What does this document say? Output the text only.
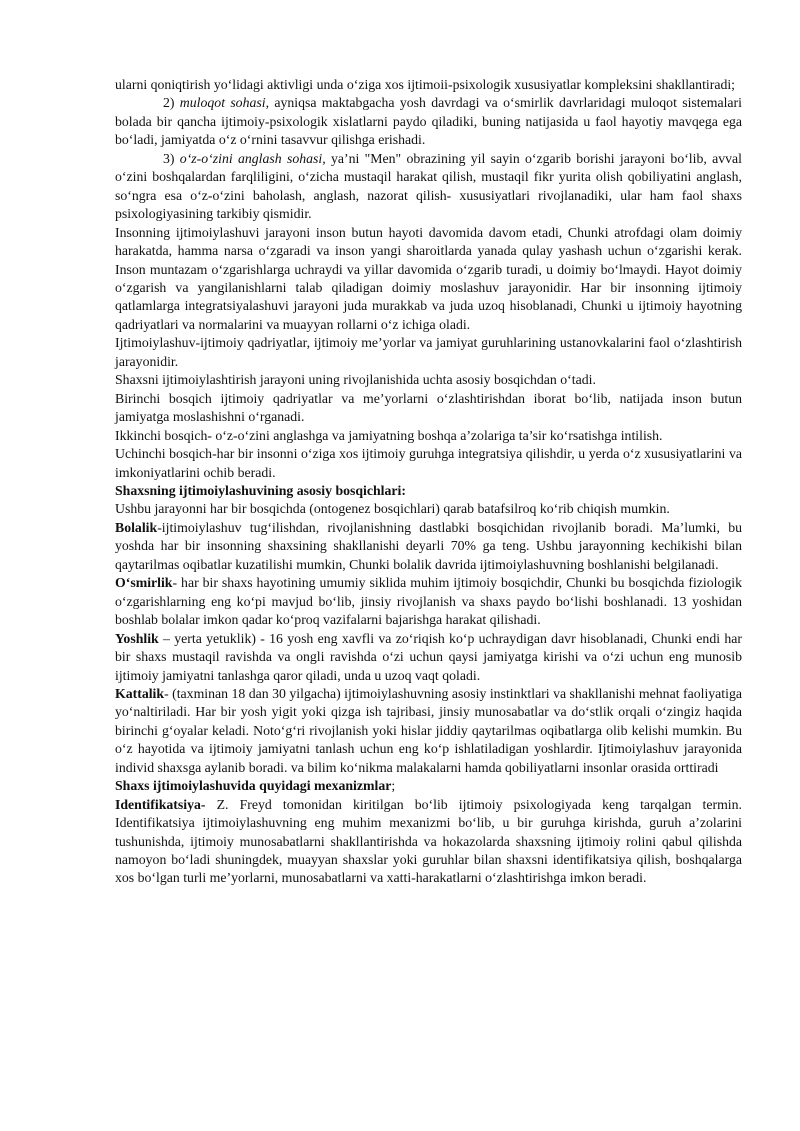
ularni qoniqtirish yoʻlidagi aktivligi unda oʻziga xos ijtimoii-psixologik xususiyatlar kompleksini shakllantiradi;

2) muloqot sohasi, ayniqsa maktabgacha yosh davrdagi va oʻsmirlik davrlaridagi muloqot sistemalari bolada bir qancha ijtimoiy-psixologik xislatlarni paydo qiladiki, buning natijasida u faol hayotiy mavqega ega boʻladi, jamiyatda oʻz oʻrnini tasavvur qilishga erishadi.

3) oʻz-oʻzini anglash sohasi, ya’ni "Men" obrazining yil sayin oʻzgarib borishi jarayoni boʻlib, avval oʻzini boshqalardan farqliligini, oʻzicha mustaqil harakat qilish, mustaqil fikr yurita olish qobiliyatini anglash, soʻngra esa oʻz-oʻzini baholash, anglash, nazorat qilish- xususiyatlari rivojlanadiki, ular ham faol shaxs psixologiyasining tarkibiy qismidir.

Insonning ijtimoiylashuvi jarayoni inson butun hayoti davomida davom etadi, Chunki atrofdagi olam doimiy harakatda, hamma narsa oʻzgaradi va inson yangi sharoitlarda yanada qulay yashash uchun oʻzgarishi kerak. Inson muntazam oʻzgarishlarga uchraydi va yillar davomida oʻzgarib turadi, u doimiy boʻlmaydi. Hayot doimiy oʻzgarish va yangilanishlarni talab qiladigan doimiy moslashuv jarayonidir. Har bir insonning ijtimoiy qatlamlarga integratsiyalashuvi jarayoni juda murakkab va juda uzoq hisoblanadi, Chunki u ijtimoiy hayotning qadriyatlari va normalarini va muayyan rollarni oʻz ichiga oladi.

Ijtimoiylashuv-ijtimoiy qadriyatlar, ijtimoiy me’yorlar va jamiyat guruhlarining ustanovkalarini faol oʻzlashtirish jarayonidir.

Shaxsni ijtimoiylashtirish jarayoni uning rivojlanishida uchta asosiy bosqichdan oʻtadi.

Birinchi bosqich ijtimoiy qadriyatlar va me’yorlarni oʻzlashtirishdan iborat boʻlib, natijada inson butun jamiyatga moslashishni oʻrganadi.

Ikkinchi bosqich- oʻz-oʻzini anglashga va jamiyatning boshqa a’zolariga ta’sir koʻrsatishga intilish.

Uchinchi bosqich-har bir insonni oʻziga xos ijtimoiy guruhga integratsiya qilishdir, u yerda oʻz xususiyatlarini va imkoniyatlarini ochib beradi.

Shaxsning ijtimoiylashuvining asosiy bosqichlari:

Ushbu jarayonni har bir bosqichda (ontogenez bosqichlari) qarab batafsilroq koʻrib chiqish mumkin.

Bolalik-ijtimoiylashuv tugʻilishdan, rivojlanishning dastlabki bosqichidan rivojlanib boradi. Ma’lumki, bu yoshda har bir insonning shaxsining shakllanishi deyarli 70% ga teng. Ushbu jarayonning kechikishi bilan qaytarilmas oqibatlar kuzatilishi mumkin, Chunki bolalik davrida ijtimoiylashuvning boshlanishi belgilanadi.

Oʻsmirlik- har bir shaxs hayotining umumiy siklida muhim ijtimoiy bosqichdir, Chunki bu bosqichda fiziologik oʻzgarishlarning eng koʻpi mavjud boʻlib, jinsiy rivojlanish va shaxs paydo boʻlishi boshlanadi. 13 yoshidan boshlab bolalar imkon qadar koʻproq vazifalarni bajarishga harakat qilishadi.

Yoshlik – yerta yetuklik) - 16 yosh eng xavfli va zoʻriqish koʻp uchraydigan davr hisoblanadi, Chunki endi har bir shaxs mustaqil ravishda va ongli ravishda oʻzi uchun qaysi jamiyatga kirishi va oʻzi uchun eng munosib ijtimoiy jamiyatni tanlashga qaror qiladi, unda u uzoq vaqt qoladi.

Kattalik- (taxminan 18 dan 30 yilgacha) ijtimoiylashuvning asosiy instinktlari va shakllanishi mehnat faoliyatiga yoʻnaltiriladi. Har bir yosh yigit yoki qizga ish tajribasi, jinsiy munosabatlar va doʻstlik orqali oʻzingiz haqida birinchi gʻoyalar keladi. Notoʻgʻri rivojlanish yoki hislar jiddiy qaytarilmas oqibatlarga olib kelishi mumkin. Bu oʻz hayotida va ijtimoiy jamiyatni tanlash uchun eng koʻp ishlatiladigan yoshlardir. Ijtimoiylashuv jarayonida individ shaxsga aylanib boradi. va bilim koʻnikma malakalarni hamda qobiliyatlarni insonlar orasida orttiradi

Shaxs ijtimoiylashuvida quyidagi mexanizmlar;

Identifikatsiya- Z. Freyd tomonidan kiritilgan boʻlib ijtimoiy psixologiyada keng tarqalgan termin. Identifikatsiya ijtimoiylashuvning eng muhim mexanizmi boʻlib, u bir guruhga kirishda, guruh a’zolarini tushunishda, ijtimoiy munosabatlarni shakllantirishda va hokazolarda shaxsning ijtimoiy rolini qabul qilishda namoyon boʻladi shuningdek, muayyan shaxslar yoki guruhlar bilan shaxsni identifikatsiya qilish, boshqalarga xos boʻlgan turli me’yorlarni, munosabatlarni va xatti-harakatlarni oʻzlashtirishga imkon beradi.
